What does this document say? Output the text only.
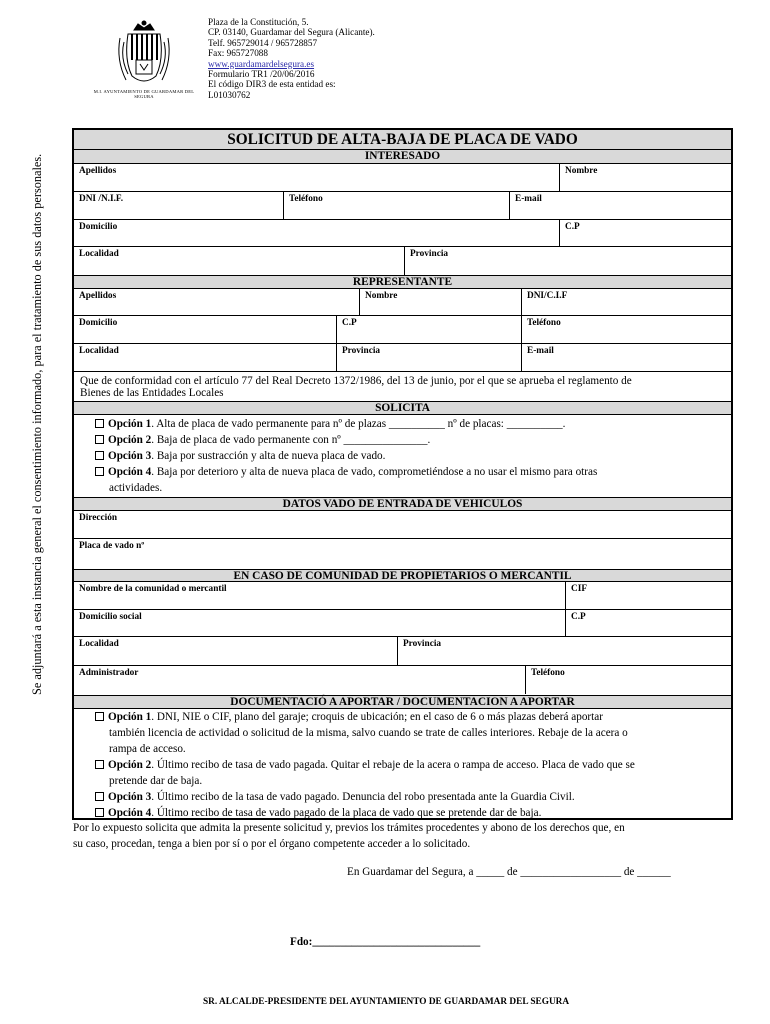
M.I. AYUNTAMIENTO DE GUARDAMAR DEL SEGURA
Plaza de la Constitución, 5.
CP. 03140, Guardamar del Segura (Alicante).
Telf. 965729014 / 965728857
Fax: 965727088
www.guardamardelsegura.es
Formulario TR1 /20/06/2016
El código DIR3 de esta entidad es:
L01030762
Se adjuntará a esta instancia general el consentimiento informado, para el tratamiento de sus datos personales.
SOLICITUD DE ALTA-BAJA DE PLACA DE VADO
INTERESADO
Apellidos	Nombre
DNI /N.I.F.	Teléfono	E-mail
Domicilio	C.P
Localidad	Provincia
REPRESENTANTE
Apellidos	Nombre	DNI/C.I.F
Domicilio	C.P	Teléfono
Localidad	Provincia	E-mail
Que de conformidad con el artículo 77 del Real Decreto 1372/1986, del 13 de junio, por el que se aprueba el reglamento de
Bienes de las Entidades Locales
SOLICITA
Opción 1. Alta de placa de vado permanente para nº de plazas __________ nº de placas: __________.
Opción 2. Baja de placa de vado permanente con nº _______________.
Opción 3. Baja por sustracción y alta de nueva placa de vado.
Opción 4. Baja por deterioro y alta de nueva placa de vado, comprometiéndose a no usar el mismo para otras
actividades.
DATOS VADO DE ENTRADA DE VEHICULOS
Dirección
Placa de vado nº
EN CASO DE COMUNIDAD DE PROPIETARIOS O MERCANTIL
Nombre de la comunidad o mercantil	CIF
Domicilio social	C.P
Localidad	Provincia
Administrador	Teléfono
DOCUMENTACIÓ A APORTAR / DOCUMENTACION A APORTAR
Opción 1. DNI, NIE o CIF, plano del garaje; croquis de ubicación; en el caso de 6 o más plazas deberá aportar
también licencia de actividad o solicitud de la misma, salvo cuando se trate de calles interiores. Rebaje de la acera o
rampa de acceso.
Opción 2. Último recibo de tasa de vado pagada. Quitar el rebaje de la acera o rampa de acceso. Placa de vado que se
pretende dar de baja.
Opción 3. Último recibo de la tasa de vado pagado. Denuncia del robo presentada ante la Guardia Civil.
Opción 4. Último recibo de tasa de vado pagado de la placa de vado que se pretende dar de baja.
Por lo expuesto solicita que admita la presente solicitud y, previos los trámites procedentes y abono de los derechos que, en
su caso, procedan, tenga a bien por sí o por el órgano competente acceder a lo solicitado.
En Guardamar del Segura, a _____ de __________________ de ______
Fdo:______________________________
SR. ALCALDE-PRESIDENTE DEL AYUNTAMIENTO DE GUARDAMAR DEL SEGURA
